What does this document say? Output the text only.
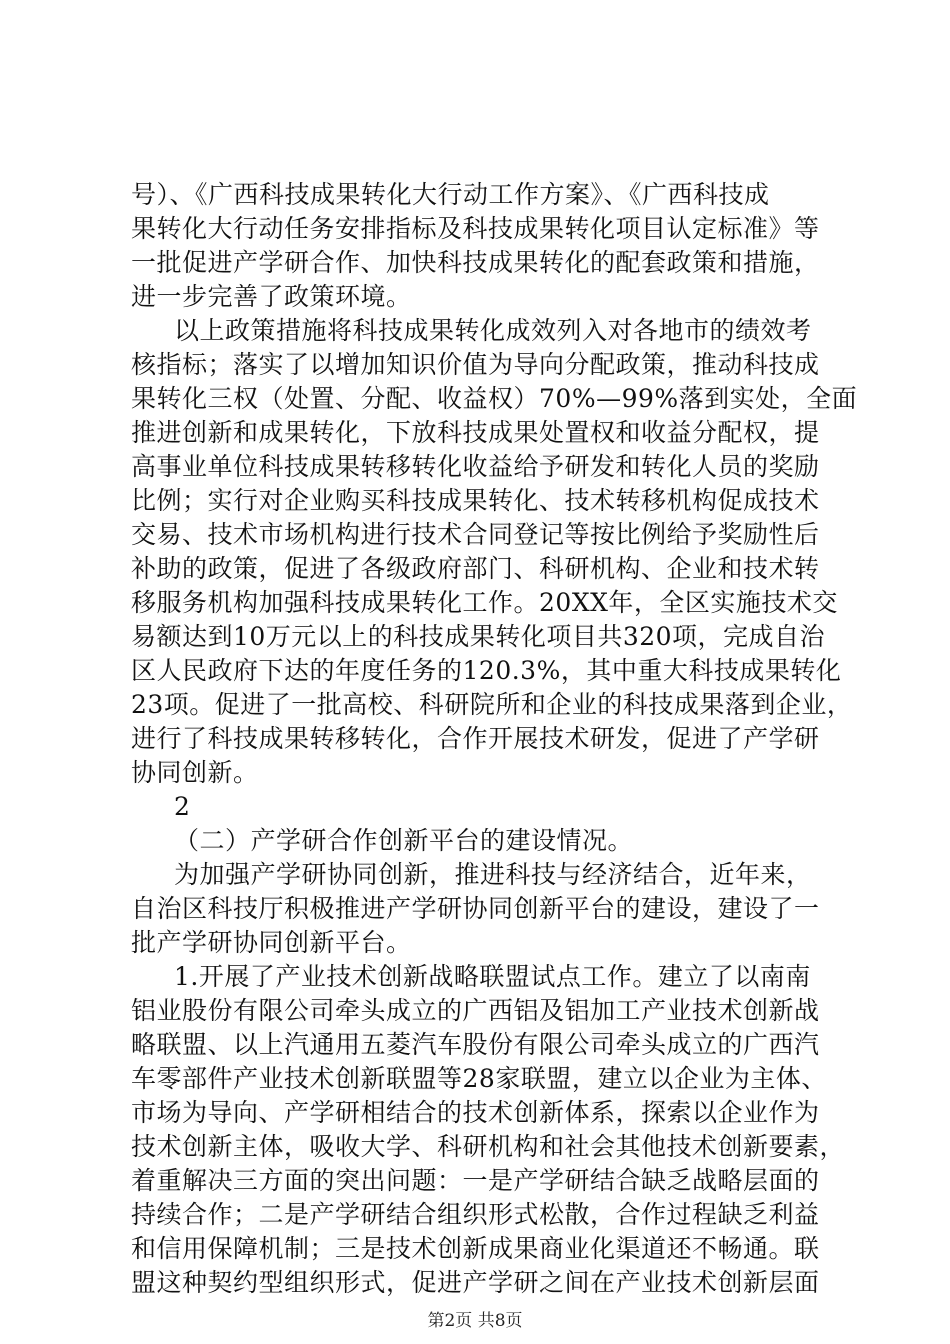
号）、《广西科技成果转化大行动工作方案》、《广西科技成
果转化大行动任务安排指标及科技成果转化项目认定标准》等
一批促进产学研合作、加快科技成果转化的配套政策和措施，
进一步完善了政策环境。
以上政策措施将科技成果转化成效列入对各地市的绩效考
核指标；落实了以增加知识价值为导向分配政策，推动科技成
果转化三权（处置、分配、收益权）70%—99%落到实处，全面
推进创新和成果转化，下放科技成果处置权和收益分配权，提
高事业单位科技成果转移转化收益给予研发和转化人员的奖励
比例；实行对企业购买科技成果转化、技术转移机构促成技术
交易、技术市场机构进行技术合同登记等按比例给予奖励性后
补助的政策，促进了各级政府部门、科研机构、企业和技术转
移服务机构加强科技成果转化工作。20XX年，全区实施技术交
易额达到10万元以上的科技成果转化项目共320项，完成自治
区人民政府下达的年度任务的120.3%，其中重大科技成果转化
23项。促进了一批高校、科研院所和企业的科技成果落到企业，
进行了科技成果转移转化，合作开展技术研发，促进了产学研
协同创新。
2
（二）产学研合作创新平台的建设情况。
为加强产学研协同创新，推进科技与经济结合，近年来，
自治区科技厅积极推进产学研协同创新平台的建设，建设了一
批产学研协同创新平台。
1.开展了产业技术创新战略联盟试点工作。建立了以南南
铝业股份有限公司牵头成立的广西铝及铝加工产业技术创新战
略联盟、以上汽通用五菱汽车股份有限公司牵头成立的广西汽
车零部件产业技术创新联盟等28家联盟，建立以企业为主体、
市场为导向、产学研相结合的技术创新体系，探索以企业作为
技术创新主体，吸收大学、科研机构和社会其他技术创新要素，
着重解决三方面的突出问题：一是产学研结合缺乏战略层面的
持续合作；二是产学研结合组织形式松散，合作过程缺乏利益
和信用保障机制；三是技术创新成果商业化渠道还不畅通。联
盟这种契约型组织形式，促进产学研之间在产业技术创新层面
第2页 共8页
